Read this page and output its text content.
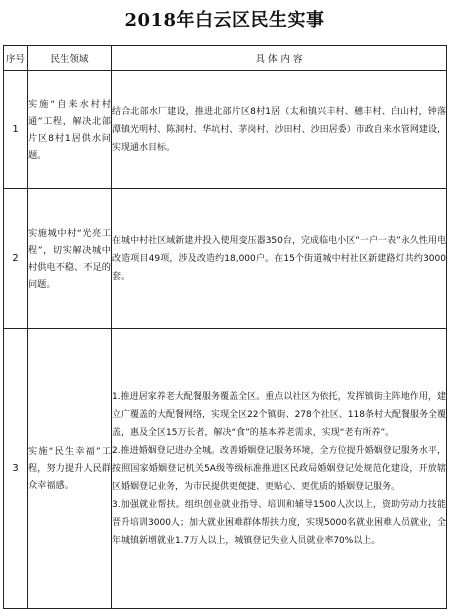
2018年白云区民生实事
序号	民生领域	具 体 内 容
1	实施“自来水村村通”工程，解决北部片区8村1居供水问题。	结合北部水厂建设，推进北部片区8村1居（太和镇兴丰村、穗丰村、白山村，钟落潭镇光明村、陈洞村、华坑村、茅岗村、沙田村、沙田居委）市政自来水管网建设，实现通水目标。

2	实施城中村“光亮工程”，切实解决城中村供电不稳、不足的问题。	在城中村社区域新建并投入使用变压器350台，完成临电小区“一户一表”永久性用电改造项目49项，涉及改造约18,000户。在15个街道城中村社区新建路灯共约3000套。

3	实施“民生幸福”工程，努力提升人民群众幸福感。	1.推进居家养老大配餐服务覆盖全区。重点以社区为依托，发挥镇街主阵地作用，建立广覆盖的大配餐网络，实现全区22个镇街、278个社区、118条村大配餐服务全覆盖，惠及全区15万长者，解决“食”的基本养老需求，实现“老有所养”。
2.推进婚姻登记进办全城。改善婚姻登记服务环境，全方位提升婚姻登记服务水平，按照国家婚姻登记机关5A级等级标准推进区民政局婚姻登记处规范化建设，开放辖区婚姻登记业务，为市民提供更便捷、更贴心、更优质的婚姻登记服务。
3.加强就业帮扶。组织创业就业指导、培训和辅导1500人次以上，资助劳动力技能晋升培训3000人；加大就业困难群体帮扶力度，实现5000名就业困难人员就业，全年城镇新增就业1.7万人以上，城镇登记失业人员就业率70%以上。
